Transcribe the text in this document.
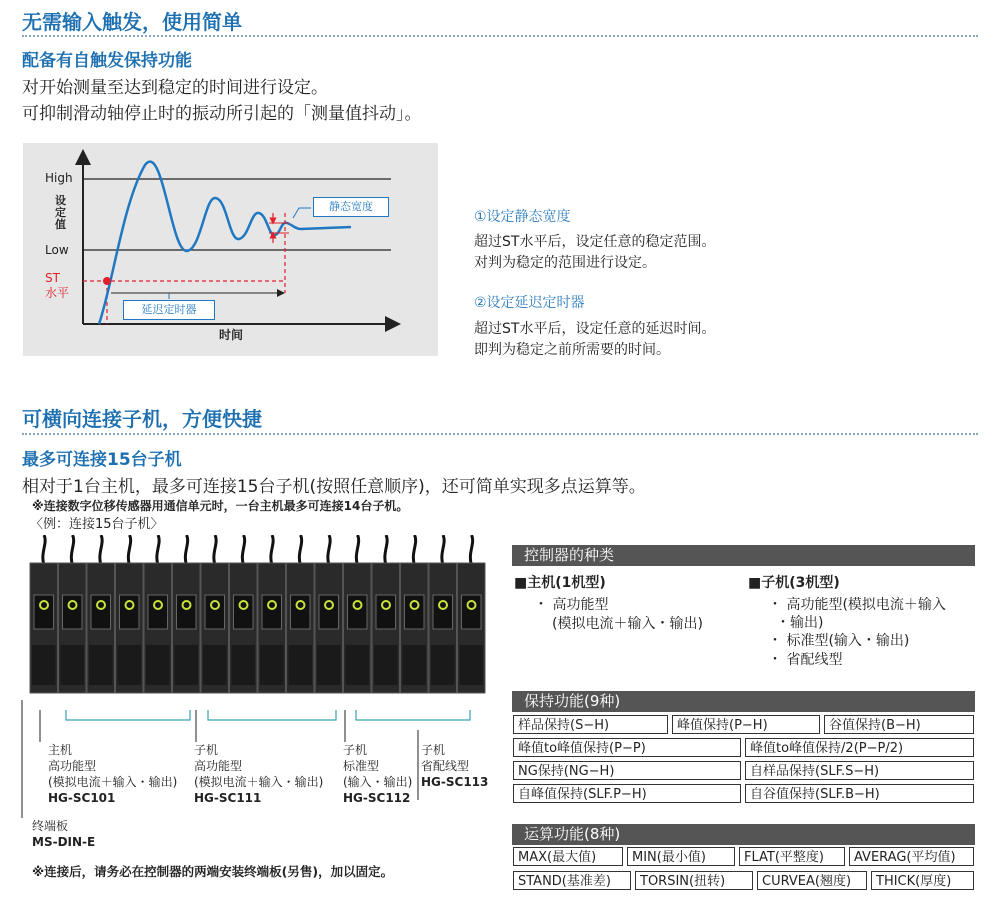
无需输入触发，使用简单
配备有自触发保持功能
对开始测量至达到稳定的时间进行设定。
可抑制滑动轴停止时的振动所引起的「测量值抖动」。
High
Low
设
定
值
ST
水平
时间
静态宽度
延迟定时器
①设定静态宽度
超过ST水平后，设定任意的稳定范围。
对判为稳定的范围进行设定。
②设定延迟定时器
超过ST水平后，设定任意的延迟时间。
即判为稳定之前所需要的时间。
可横向连接子机，方便快捷
最多可连接15台子机
相对于1台主机，最多可连接15台子机(按照任意顺序)，还可简单实现多点运算等。
※连接数字位移传感器用通信单元时，一台主机最多可连接14台子机。
〈例：连接15台子机〉
主机
高功能型
(模拟电流＋输入・输出)
HG-SC101
子机
高功能型
(模拟电流＋输入・输出)
HG-SC111
子机
标准型
(输入・输出)
HG-SC112
子机
省配线型
HG-SC113
终端板
MS-DIN-E
※连接后，请务必在控制器的两端安装终端板(另售)，加以固定。
控制器的种类
■主机(1机型)
・ 高功能型
(模拟电流＋输入・输出)
■子机(3机型)
・ 高功能型(模拟电流＋输入
・输出)
・ 标准型(输入・输出)
・ 省配线型
保持功能(9种)
样品保持(S−H)	峰值保持(P−H)	谷值保持(B−H)
峰值to峰值保持(P−P)	峰值to峰值保持/2(P−P/2)
NG保持(NG−H)	自样品保持(SLF.S−H)
自峰值保持(SLF.P−H)	自谷值保持(SLF.B−H)
运算功能(8种)
MAX(最大值)	MIN(最小值)	FLAT(平整度)	AVERAG(平均值)
STAND(基准差)	TORSIN(扭转)	CURVEA(翘度)	THICK(厚度)
